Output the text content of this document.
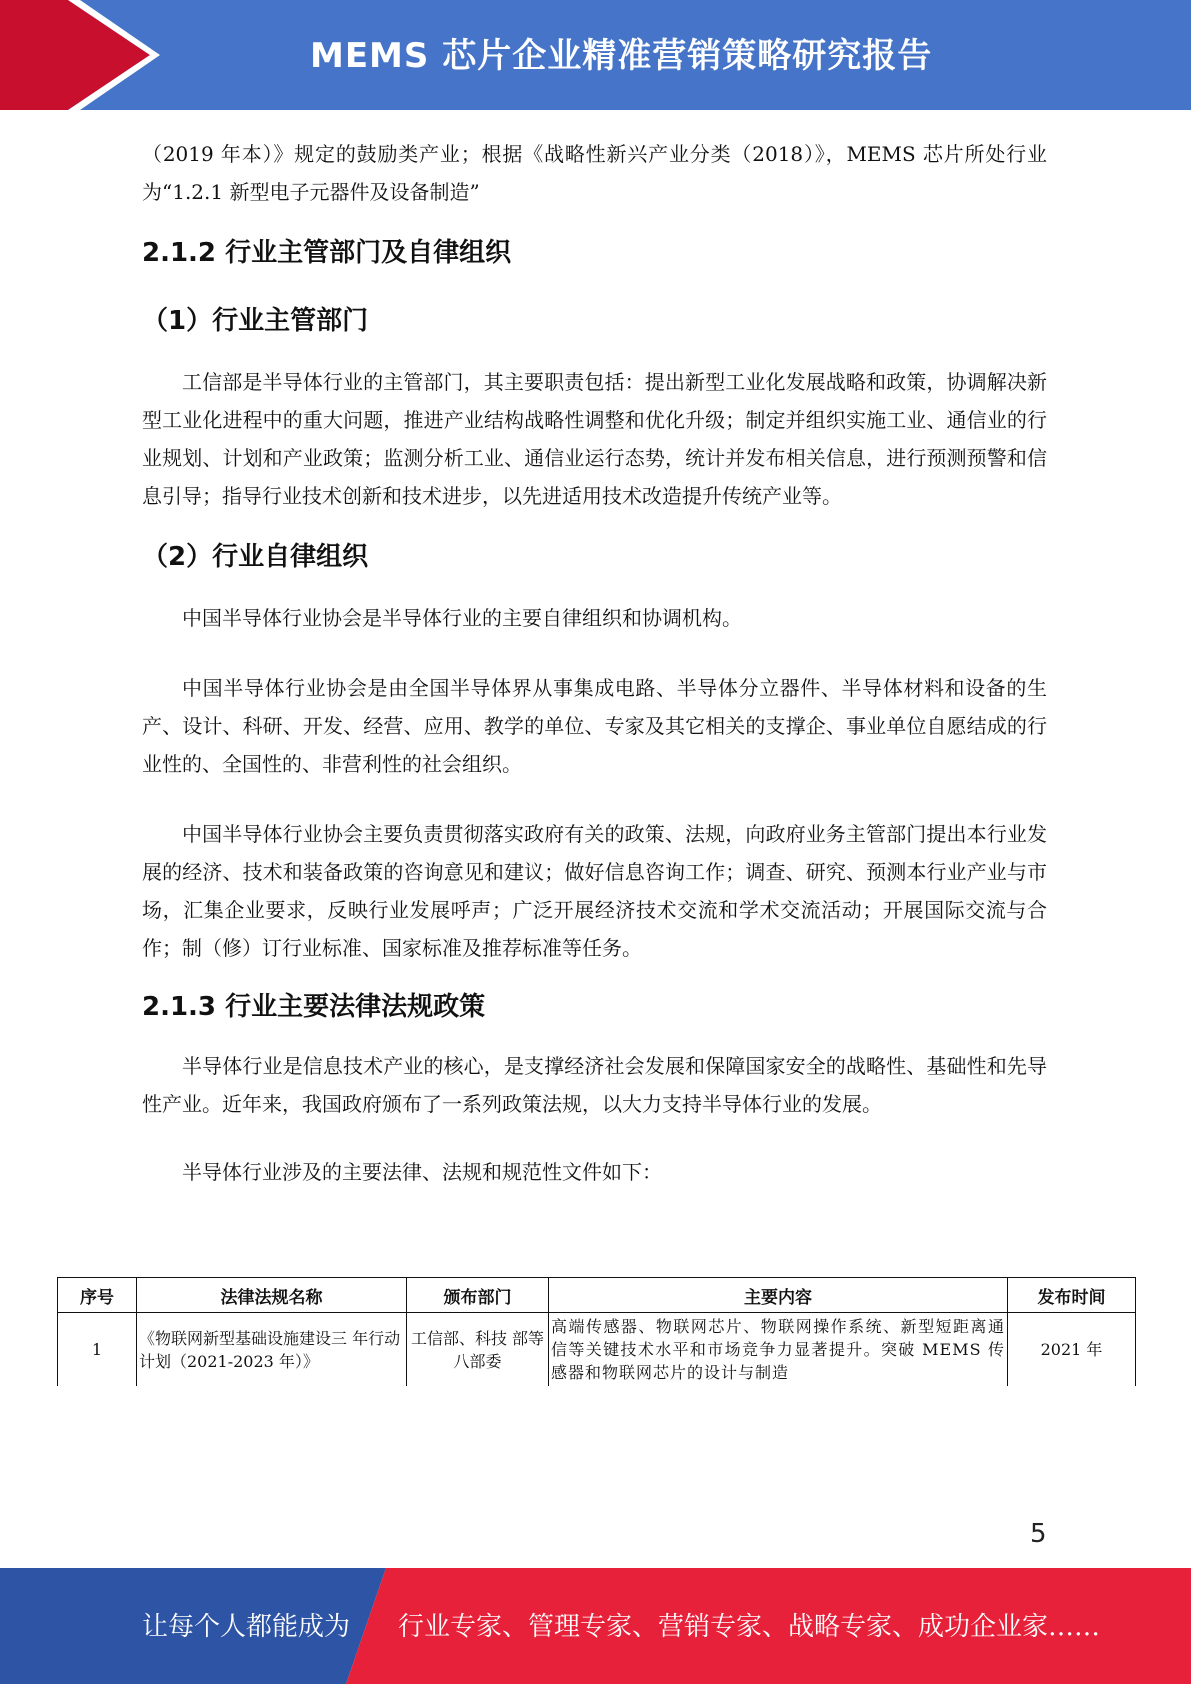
MEMS 芯片企业精准营销策略研究报告

（2019 年本）》规定的鼓励类产业；根据《战略性新兴产业分类（2018）》，MEMS 芯片所处行业为“1.2.1 新型电子元器件及设备制造”

2.1.2 行业主管部门及自律组织
（1）行业主管部门

工信部是半导体行业的主管部门，其主要职责包括：提出新型工业化发展战略和政策，协调解决新型工业化进程中的重大问题，推进产业结构战略性调整和优化升级；制定并组织实施工业、通信业的行业规划、计划和产业政策；监测分析工业、通信业运行态势，统计并发布相关信息，进行预测预警和信息引导；指导行业技术创新和技术进步，以先进适用技术改造提升传统产业等。

（2）行业自律组织

中国半导体行业协会是半导体行业的主要自律组织和协调机构。

中国半导体行业协会是由全国半导体界从事集成电路、半导体分立器件、半导体材料和设备的生产、设计、科研、开发、经营、应用、教学的单位、专家及其它相关的支撑企、事业单位自愿结成的行业性的、全国性的、非营利性的社会组织。

中国半导体行业协会主要负责贯彻落实政府有关的政策、法规，向政府业务主管部门提出本行业发展的经济、技术和装备政策的咨询意见和建议；做好信息咨询工作；调查、研究、预测本行业产业与市场，汇集企业要求，反映行业发展呼声；广泛开展经济技术交流和学术交流活动；开展国际交流与合作；制（修）订行业标准、国家标准及推荐标准等任务。

2.1.3 行业主要法律法规政策

半导体行业是信息技术产业的核心，是支撑经济社会发展和保障国家安全的战略性、基础性和先导性产业。近年来，我国政府颁布了一系列政策法规，以大力支持半导体行业的发展。

半导体行业涉及的主要法律、法规和规范性文件如下：

序号	法律法规名称	颁布部门	主要内容	发布时间
1	《物联网新型基础设施建设三 年行动计划（2021-2023 年）》	工信部、科技 部等八部委	高端传感器、物联网芯片、物联网操作系统、新型短距离通信等关键技术水平和市场竞争力显著提升。突破 MEMS 传感器和物联网芯片的设计与制造	2021 年
5
让每个人都能成为 行业专家、管理专家、营销专家、战略专家、成功企业家……
